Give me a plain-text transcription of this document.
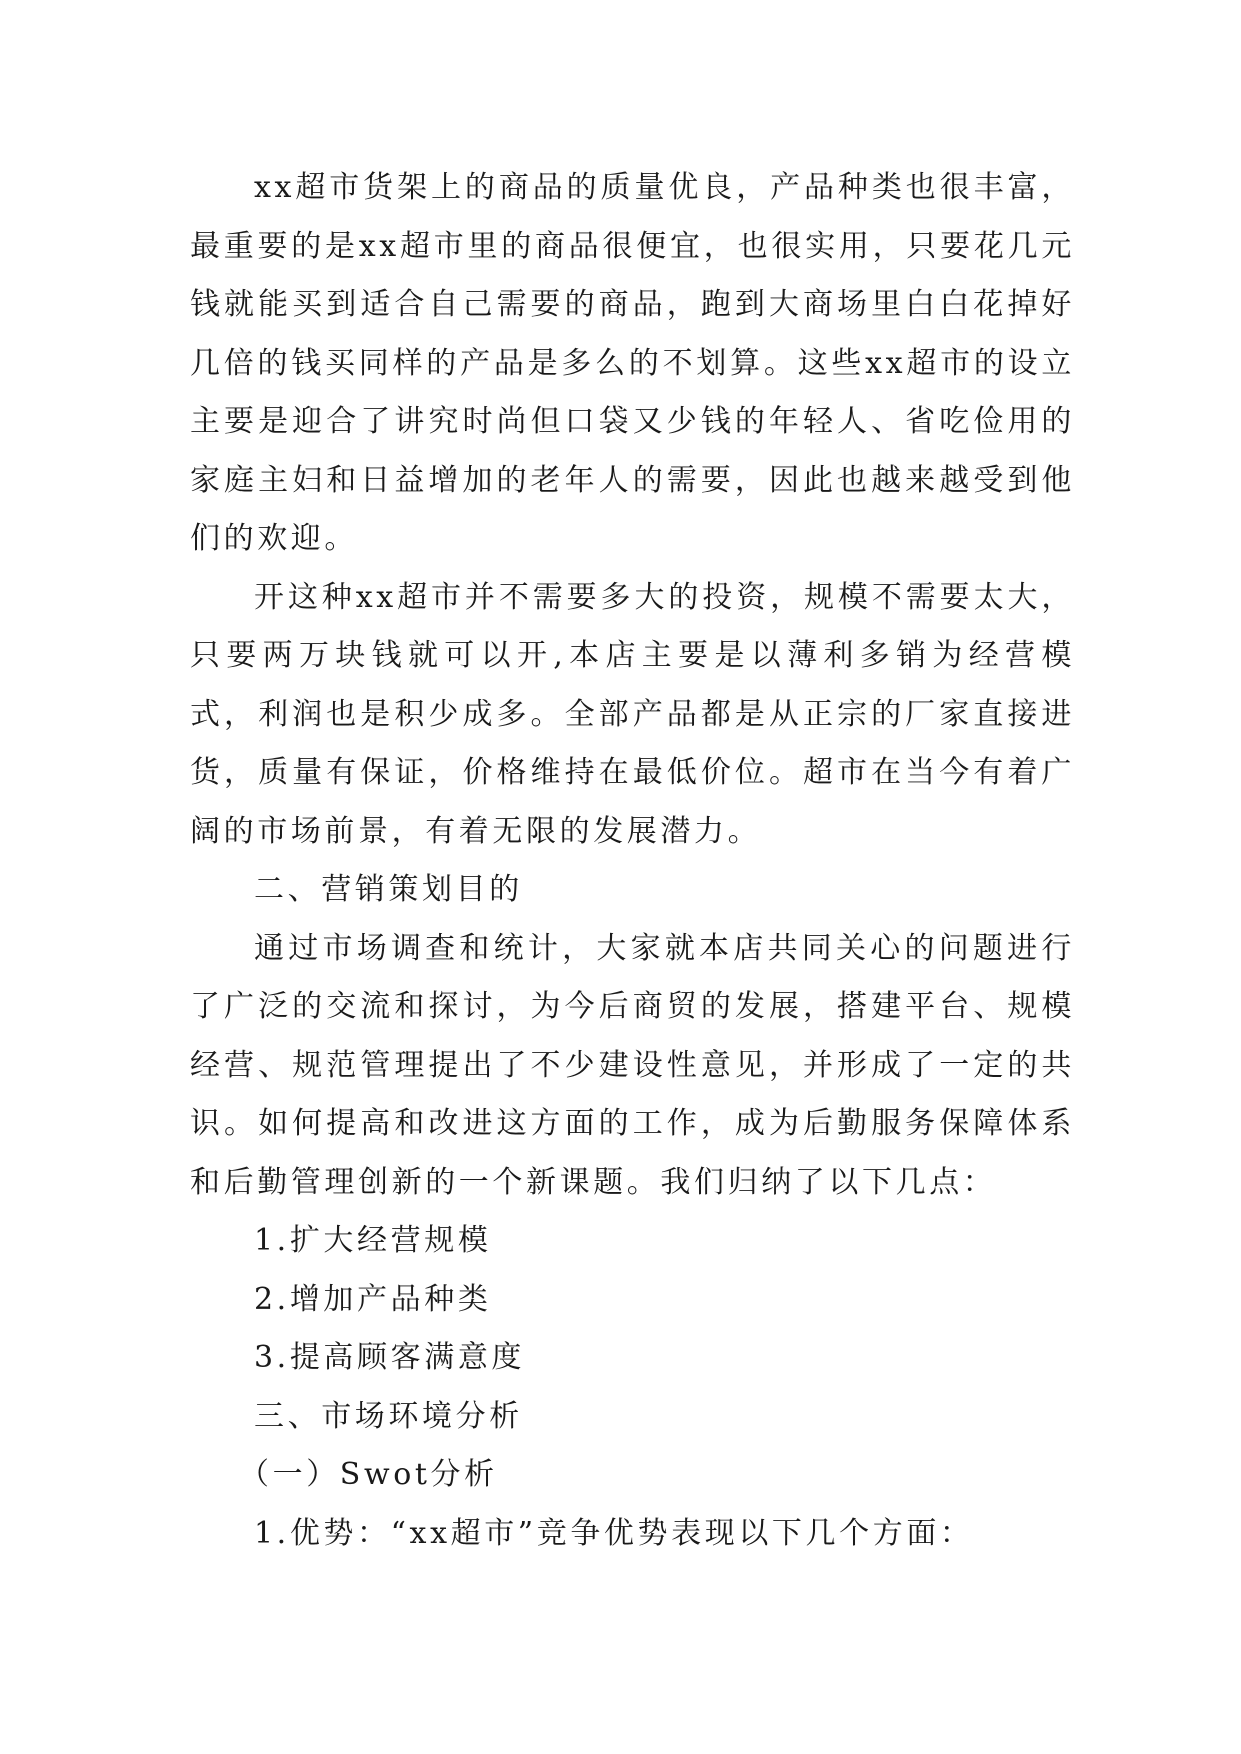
xx超市货架上的商品的质量优良，产品种类也很丰富，最重要的是xx超市里的商品很便宜，也很实用，只要花几元钱就能买到适合自己需要的商品，跑到大商场里白白花掉好几倍的钱买同样的产品是多么的不划算。这些xx超市的设立主要是迎合了讲究时尚但口袋又少钱的年轻人、省吃俭用的家庭主妇和日益增加的老年人的需要，因此也越来越受到他们的欢迎。

开这种xx超市并不需要多大的投资，规模不需要太大，只要两万块钱就可以开,本店主要是以薄利多销为经营模式，利润也是积少成多。全部产品都是从正宗的厂家直接进货，质量有保证，价格维持在最低价位。超市在当今有着广阔的市场前景，有着无限的发展潜力。

二、营销策划目的

通过市场调查和统计，大家就本店共同关心的问题进行了广泛的交流和探讨，为今后商贸的发展，搭建平台、规模经营、规范管理提出了不少建设性意见，并形成了一定的共识。如何提高和改进这方面的工作，成为后勤服务保障体系和后勤管理创新的一个新课题。我们归纳了以下几点：

1.扩大经营规模

2.增加产品种类

3.提高顾客满意度

三、市场环境分析

（一）Swot分析

1.优势：“xx超市”竞争优势表现以下几个方面：
